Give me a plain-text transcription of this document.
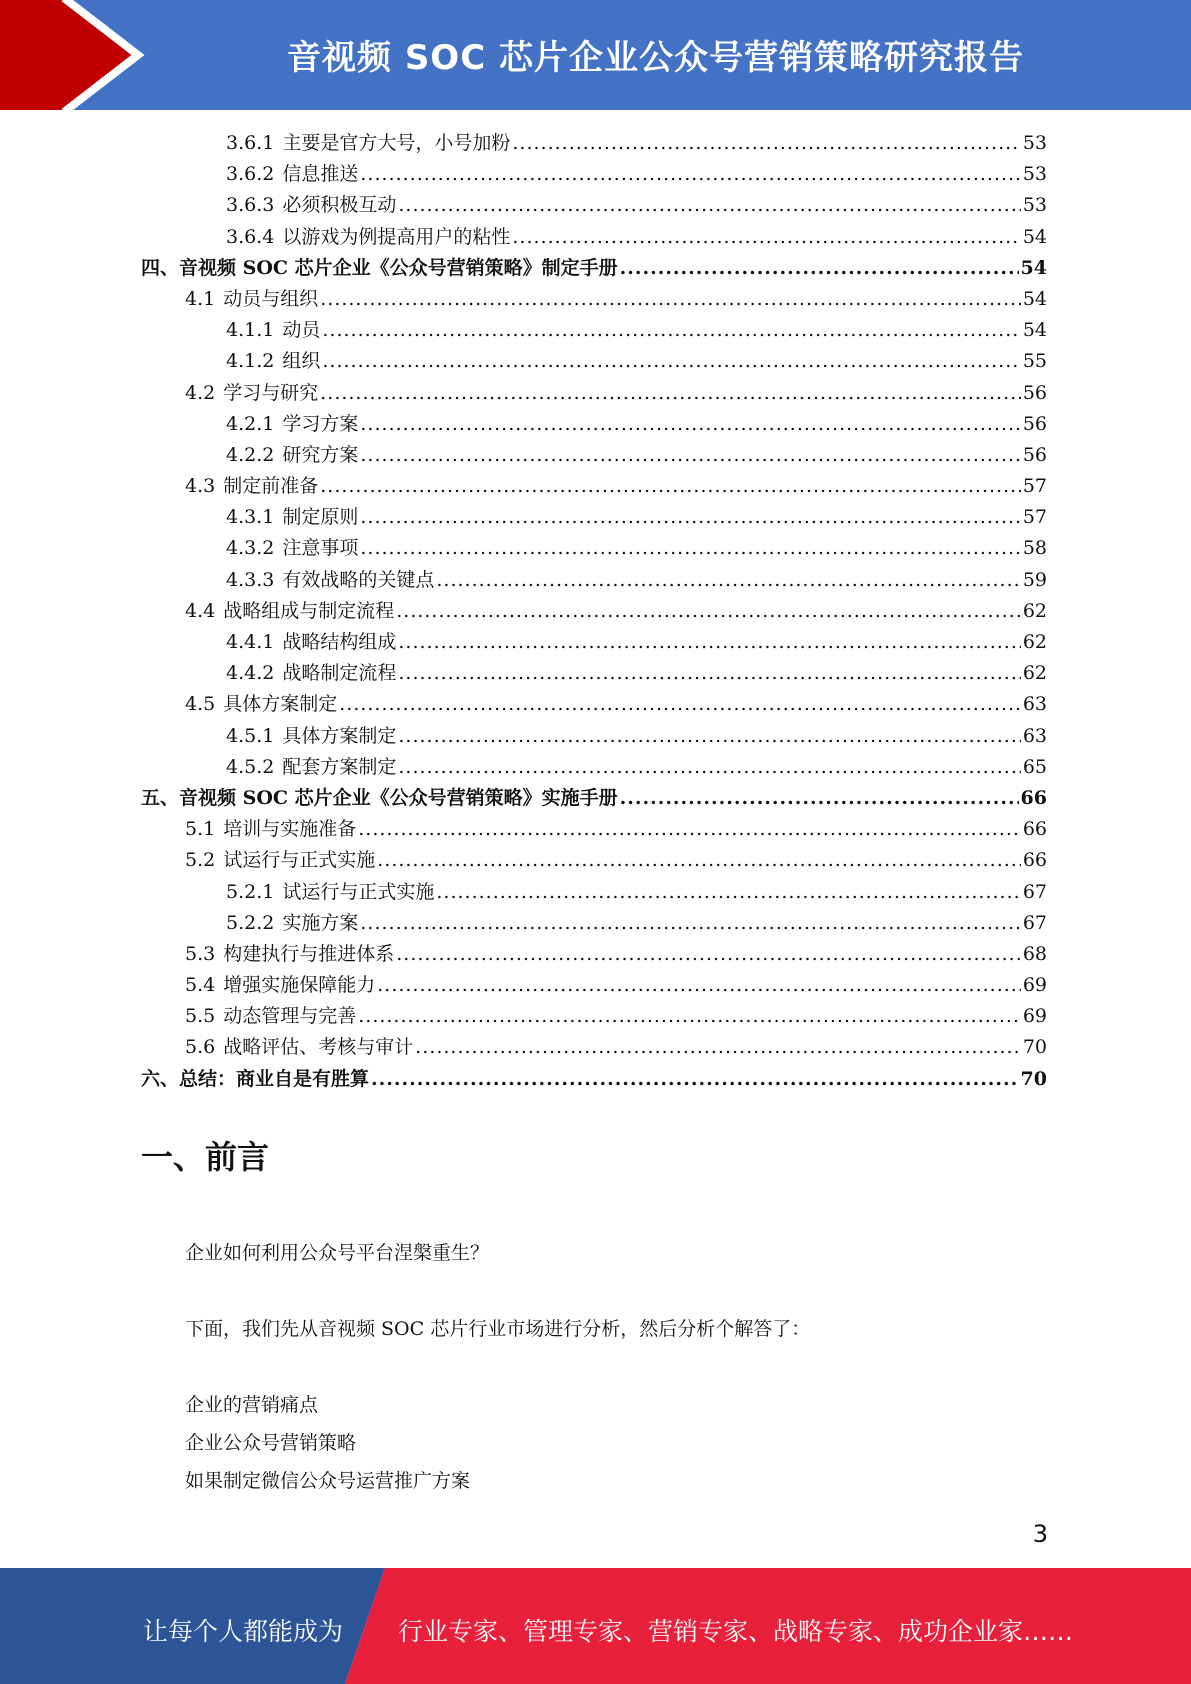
音视频 SOC 芯片企业公众号营销策略研究报告
3.6.1 主要是官方大号，小号加粉 .....	53
3.6.2 信息推送 .....	53
3.6.3 必须积极互动 .....	53
3.6.4 以游戏为例提高用户的粘性 .....	54
四、音视频 SOC 芯片企业《公众号营销策略》制定手册 .....	54
4.1 动员与组织 .....	54
4.1.1 动员 .....	54
4.1.2 组织 .....	55
4.2 学习与研究 .....	56
4.2.1 学习方案 .....	56
4.2.2 研究方案 .....	56
4.3 制定前准备 .....	57
4.3.1 制定原则 .....	57
4.3.2 注意事项 .....	58
4.3.3 有效战略的关键点 .....	59
4.4 战略组成与制定流程 .....	62
4.4.1 战略结构组成 .....	62
4.4.2 战略制定流程 .....	62
4.5 具体方案制定 .....	63
4.5.1 具体方案制定 .....	63
4.5.2 配套方案制定 .....	65
五、音视频 SOC 芯片企业《公众号营销策略》实施手册 .....	66
5.1 培训与实施准备 .....	66
5.2 试运行与正式实施 .....	66
5.2.1 试运行与正式实施 .....	67
5.2.2 实施方案 .....	67
5.3 构建执行与推进体系 .....	68
5.4 增强实施保障能力 .....	69
5.5 动态管理与完善 .....	69
5.6 战略评估、考核与审计 .....	70
六、总结：商业自是有胜算 .....	70
一、前言

企业如何利用公众号平台涅槃重生？

下面，我们先从音视频 SOC 芯片行业市场进行分析，然后分析个解答了：

企业的营销痛点

企业公众号营销策略

如果制定微信公众号运营推广方案

3
让每个人都能成为 行业专家、管理专家、营销专家、战略专家、成功企业家……
